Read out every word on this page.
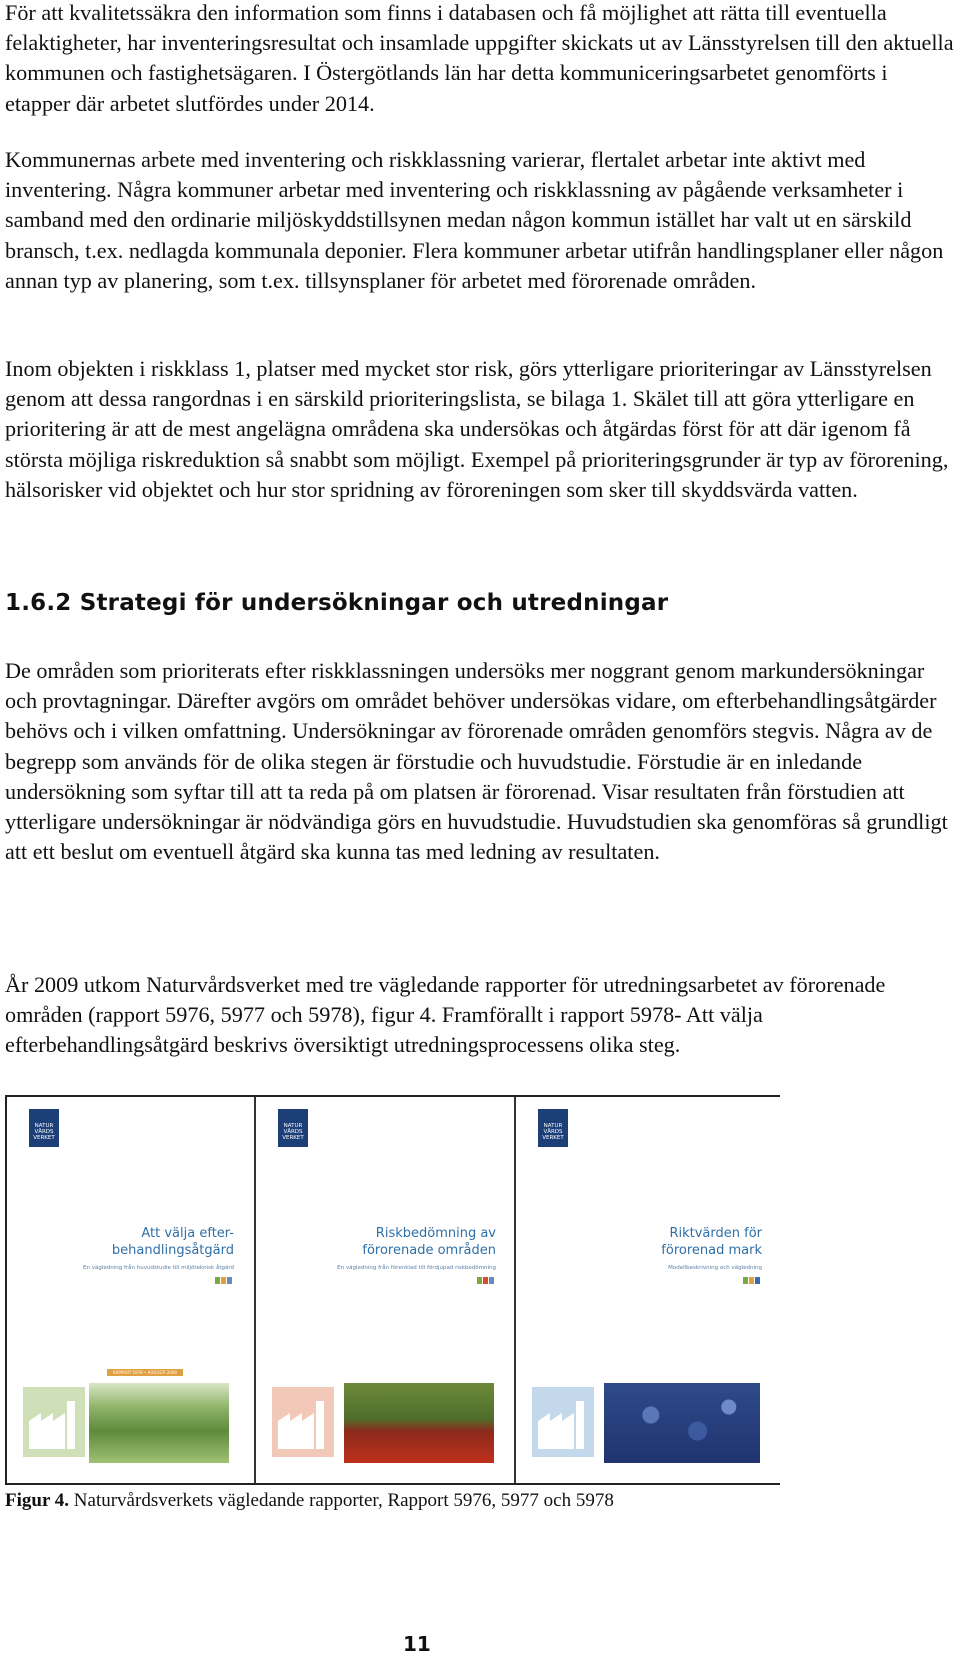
För att kvalitetssäkra den information som finns i databasen och få möjlighet att rätta till eventuella felaktigheter, har inventeringsresultat och insamlade uppgifter skickats ut av Länsstyrelsen till den aktuella kommunen och fastighetsägaren. I Östergötlands län har detta kommuniceringsarbetet genomförts i etapper där arbetet slutfördes under 2014.

Kommunernas arbete med inventering och riskklassning varierar, flertalet arbetar inte aktivt med inventering. Några kommuner arbetar med inventering och riskklassning av pågående verksamheter i samband med den ordinarie miljöskyddstillsynen medan någon kommun istället har valt ut en särskild bransch, t.ex. nedlagda kommunala deponier. Flera kommuner arbetar utifrån handlingsplaner eller någon annan typ av planering, som t.ex. tillsynsplaner för arbetet med förorenade områden.

Inom objekten i riskklass 1, platser med mycket stor risk, görs ytterligare prioriteringar av Länsstyrelsen genom att dessa rangordnas i en särskild prioriteringslista, se bilaga 1. Skälet till att göra ytterligare en prioritering är att de mest angelägna områdena ska undersökas och åtgärdas först för att där igenom få största möjliga riskreduktion så snabbt som möjligt. Exempel på prioriteringsgrunder är typ av förorening, hälsorisker vid objektet och hur stor spridning av föroreningen som sker till skyddsvärda vatten.

1.6.2 Strategi för undersökningar och utredningar

De områden som prioriterats efter riskklassningen undersöks mer noggrant genom markundersökningar och provtagningar. Därefter avgörs om området behöver undersökas vidare, om efterbehandlingsåtgärder behövs och i vilken omfattning. Undersökningar av förorenade områden genomförs stegvis. Några av de begrepp som används för de olika stegen är förstudie och huvudstudie. Förstudie är en inledande undersökning som syftar till att ta reda på om platsen är förorenad. Visar resultaten från förstudien att ytterligare undersökningar är nödvändiga görs en huvudstudie. Huvudstudien ska genomföras så grundligt att ett beslut om eventuell åtgärd ska kunna tas med ledning av resultaten.

År 2009 utkom Naturvårdsverket med tre vägledande rapporter för utredningsarbetet av förorenade områden (rapport 5976, 5977 och 5978), figur 4. Framförallt i rapport 5978- Att välja efterbehandlingsåtgärd beskrivs översiktigt utredningsprocessens olika steg.

NATUR VÅRDS VERKET
Att välja efter-
behandlingsåtgärd
En vägledning från huvudstudie till miljöteknisk åtgärd
RAPPORT 5978 • AUGUSTI 2009
NATUR VÅRDS VERKET
Riskbedömning av
förorenade områden
En vägledning från förenklad till fördjupad riskbedömning
NATUR VÅRDS VERKET
Riktvärden för
förorenad mark
Modellbeskrivning och vägledning
Figur 4. Naturvårdsverkets vägledande rapporter, Rapport 5976, 5977 och 5978
11
